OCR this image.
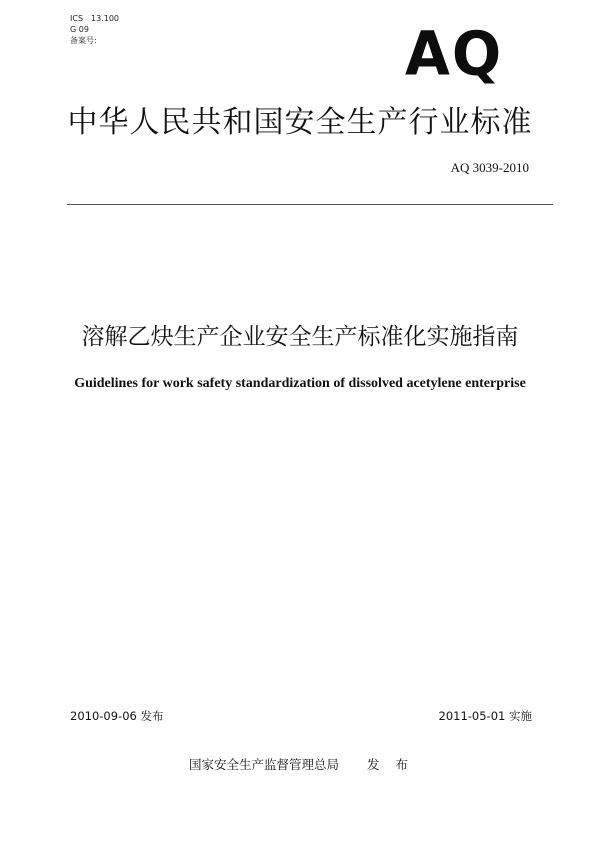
ICS 13.100
G 09
备案号:	AQ
中华人民共和国安全生产行业标准
AQ 3039-2010
溶解乙炔生产企业安全生产标准化实施指南
Guidelines for work safety standardization of dissolved acetylene enterprise
2010-09-06 发布	2011-05-01 实施
国家安全生产监督管理总局 发 布
